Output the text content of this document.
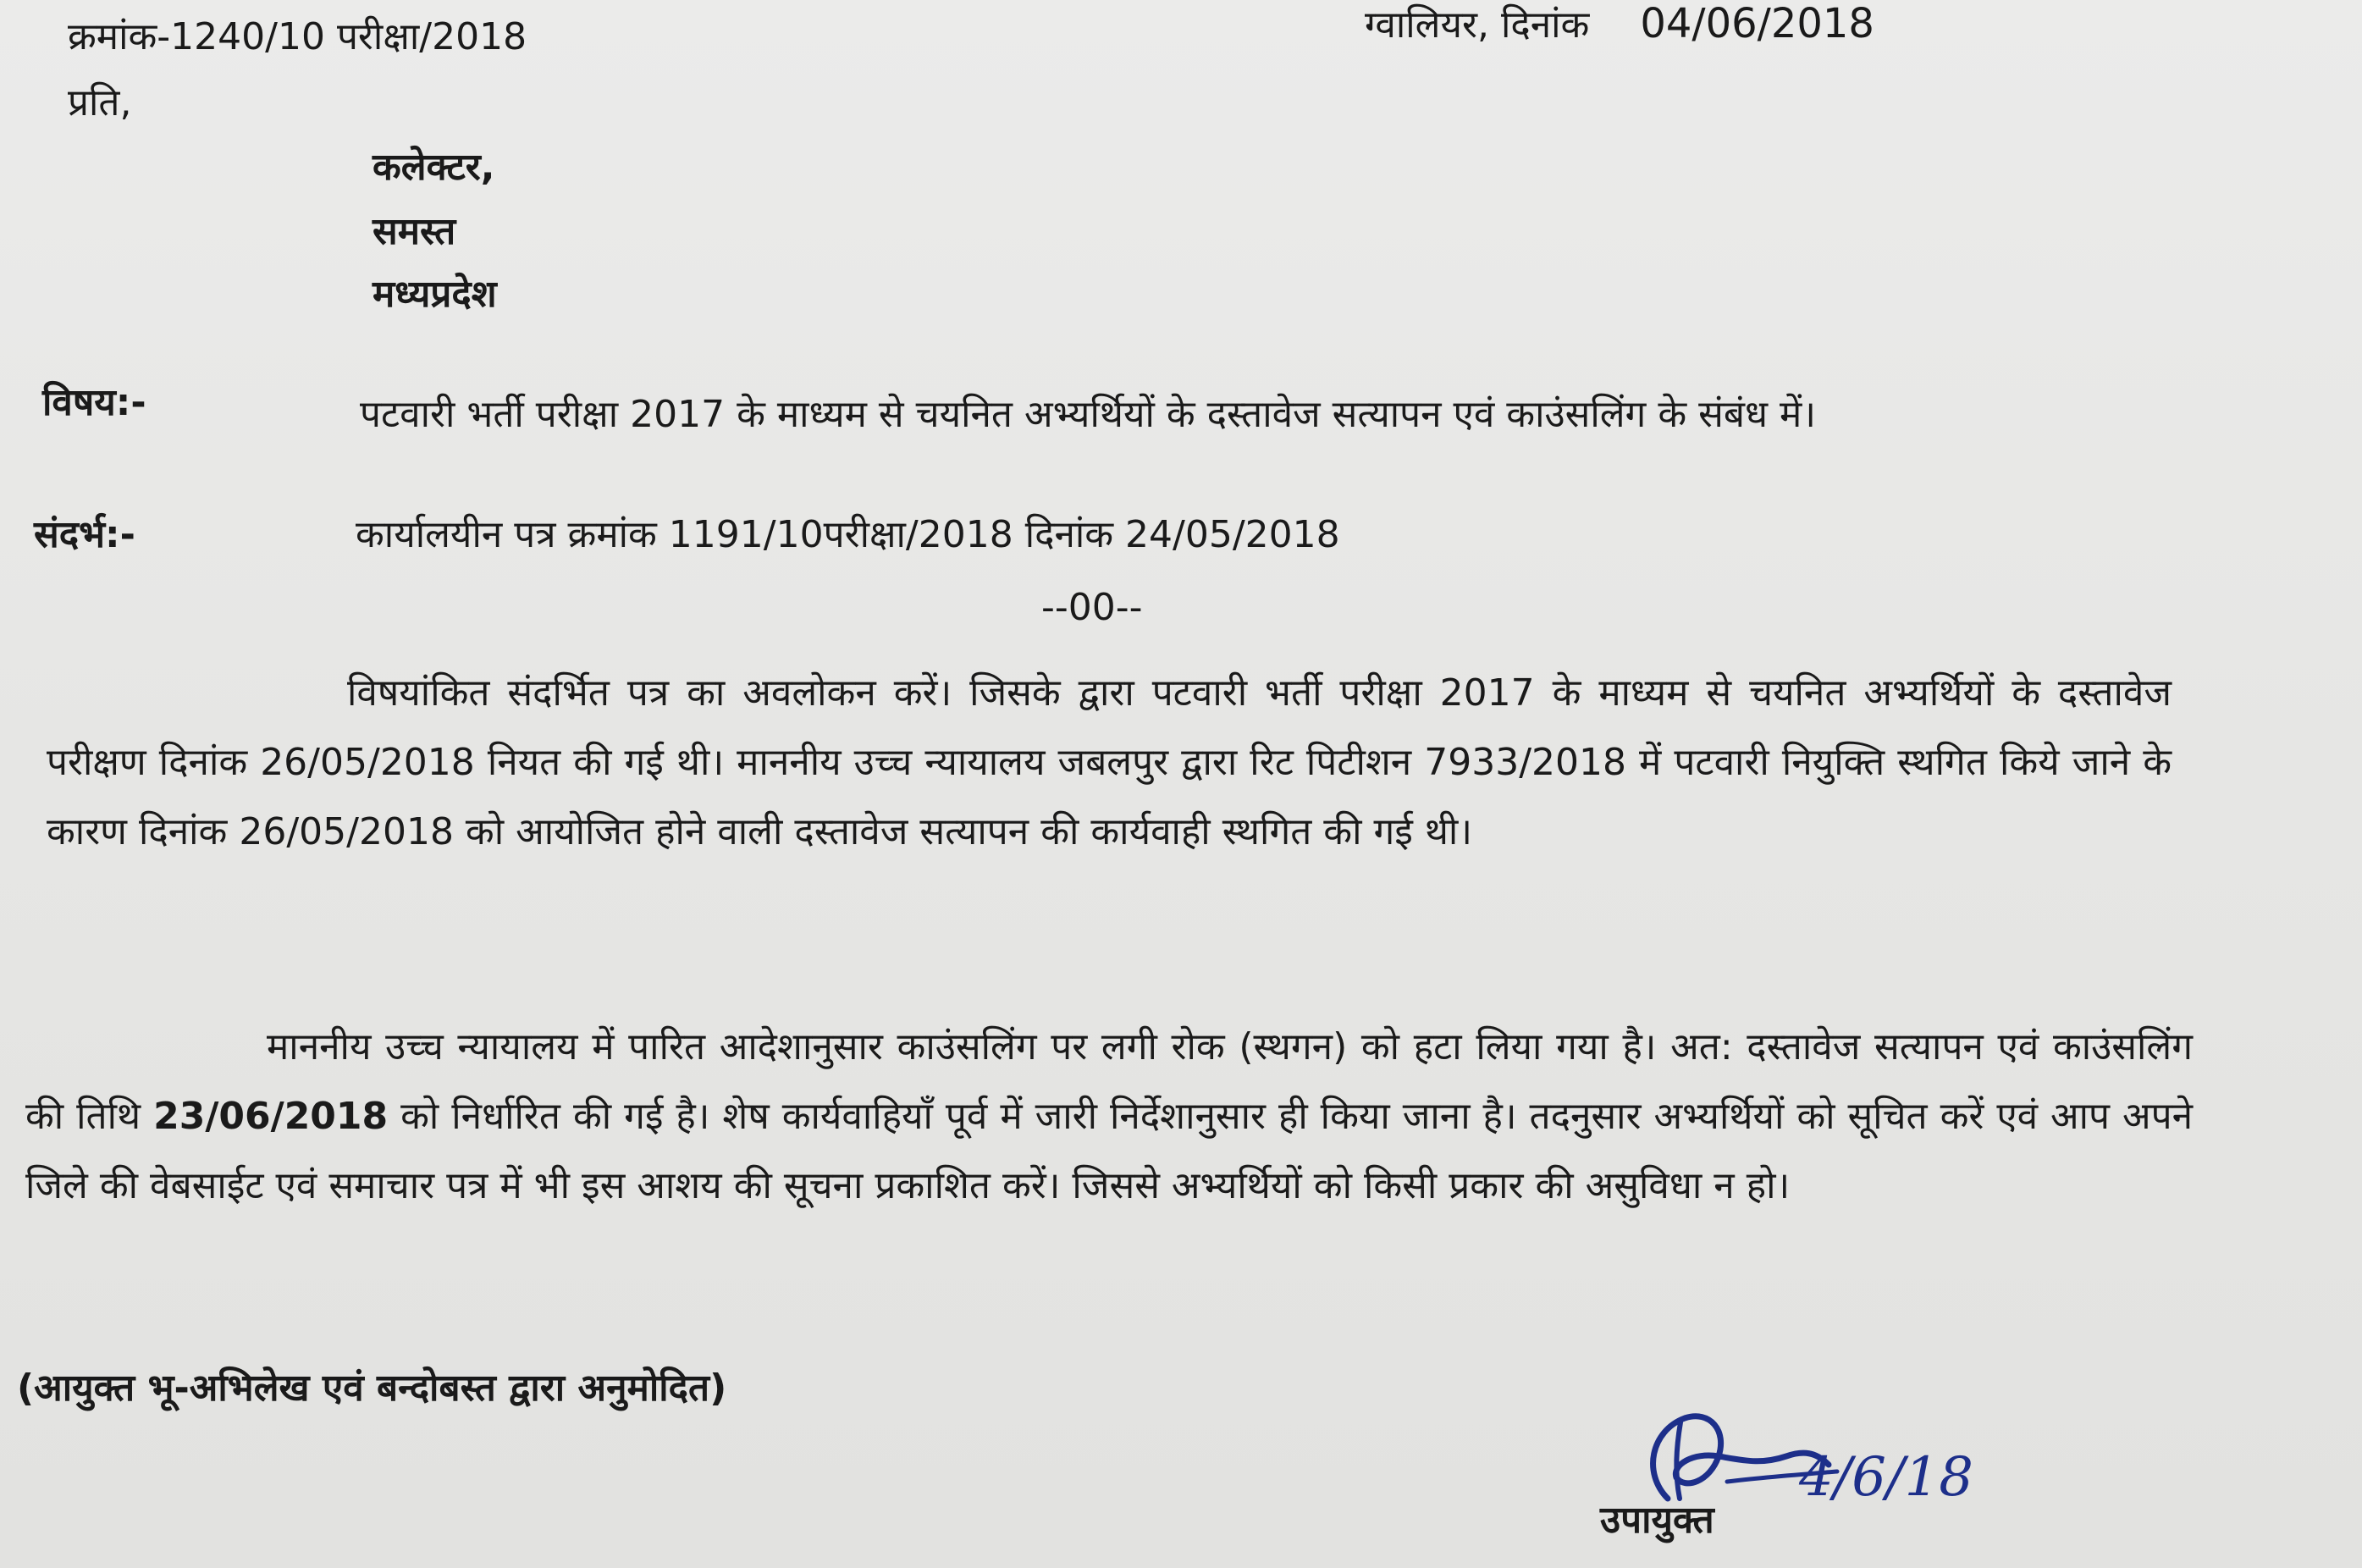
क्रमांक-1240/10 परीक्षा/2018	ग्वालियर, दिनांक 04/06/2018
प्रति,
कलेक्टर,
समस्त
मध्यप्रदेश
विषय:-	पटवारी भर्ती परीक्षा 2017 के माध्यम से चयनित अभ्यर्थियों के दस्तावेज सत्यापन एवं काउंसलिंग के संबंध में।
संदर्भ:-	कार्यालयीन पत्र क्रमांक 1191/10परीक्षा/2018 दिनांक 24/05/2018
--00--
विषयांकित संदर्भित पत्र का अवलोकन करें। जिसके द्वारा पटवारी भर्ती परीक्षा 2017 के माध्यम से चयनित अभ्यर्थियों के दस्तावेज परीक्षण दिनांक 26/05/2018 नियत की गई थी। माननीय उच्च न्यायालय जबलपुर द्वारा रिट पिटीशन 7933/2018 में पटवारी नियुक्ति स्थगित किये जाने के कारण दिनांक 26/05/2018 को आयोजित होने वाली दस्तावेज सत्यापन की कार्यवाही स्थगित की गई थी।
माननीय उच्च न्यायालय में पारित आदेशानुसार काउंसलिंग पर लगी रोक (स्थगन) को हटा लिया गया है। अत: दस्तावेज सत्यापन एवं काउंसलिंग की तिथि 23/06/2018 को निर्धारित की गई है। शेष कार्यवाहियाँ पूर्व में जारी निर्देशानुसार ही किया जाना है। तदनुसार अभ्यर्थियों को सूचित करें एवं आप अपने जिले की वेबसाईट एवं समाचार पत्र में भी इस आशय की सूचना प्रकाशित करें। जिससे अभ्यर्थियों को किसी प्रकार की असुविधा न हो।
(आयुक्त भू-अभिलेख एवं बन्दोबस्त द्वारा अनुमोदित)
4/6/18
उपायुक्त
